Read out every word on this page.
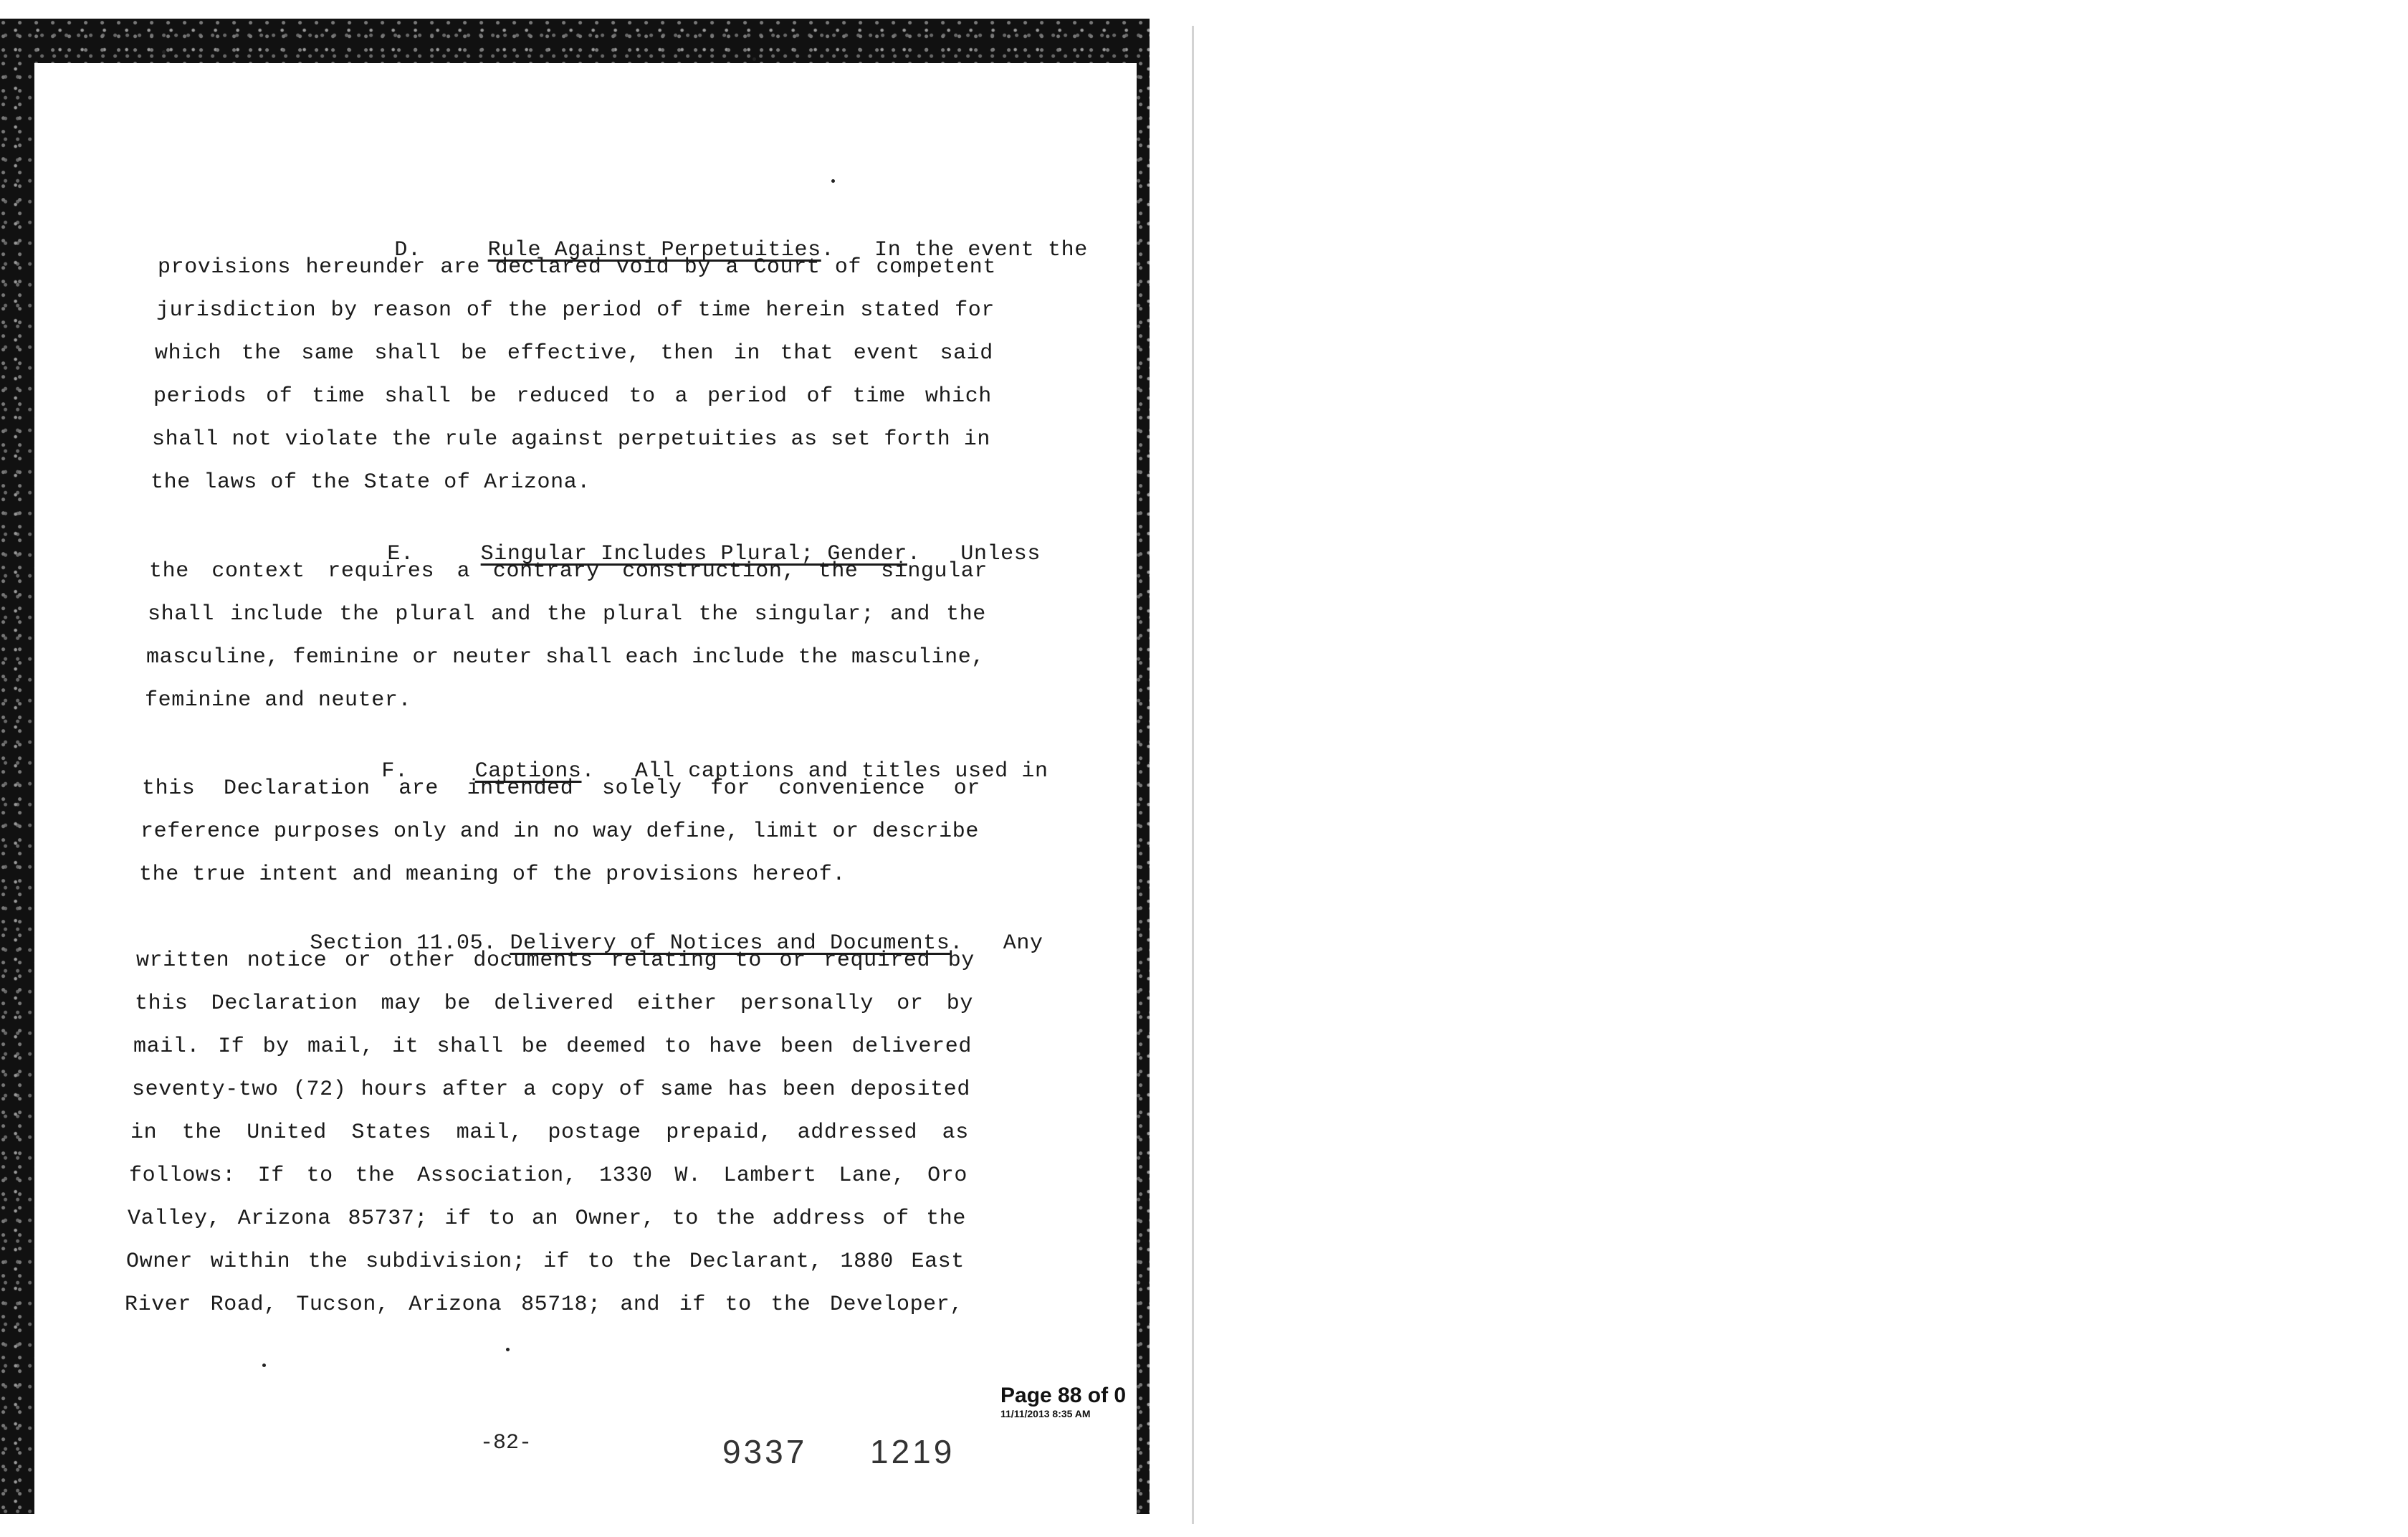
D.	Rule Against Perpetuities.   In the event the

provisions hereunder are declared void by a Court of competent

jurisdiction by reason of the period of time herein stated for

which the same shall be effective, then in that event said

periods of time shall be reduced to a period of time which

shall not violate the rule against perpetuities as set forth in

the laws of the State of Arizona.

E.	Singular Includes Plural; Gender.   Unless

the context requires a contrary construction, the singular

shall include the plural and the plural the singular; and the

masculine, feminine or neuter shall each include the masculine,

feminine and neuter.

F.	Captions.   All captions and titles used in

this Declaration are intended solely for convenience or

reference purposes only and in no way define, limit or describe

the true intent and meaning of the provisions hereof.

Section 11.05. Delivery of Notices and Documents.   Any

written notice or other documents relating to or required by

this Declaration may be delivered either personally or by

mail. If by mail, it shall be deemed to have been delivered

seventy-two (72) hours after a copy of same has been deposited

in the United States mail, postage prepaid, addressed as

follows: If to the Association, 1330 W. Lambert Lane, Oro

Valley, Arizona 85737; if to an Owner, to the address of the

Owner within the subdivision; if to the Declarant, 1880 East

River Road, Tucson, Arizona 85718; and if to the Developer,

Page 88 of 0
11/11/2013 8:35 AM
-82-	9337 1219
